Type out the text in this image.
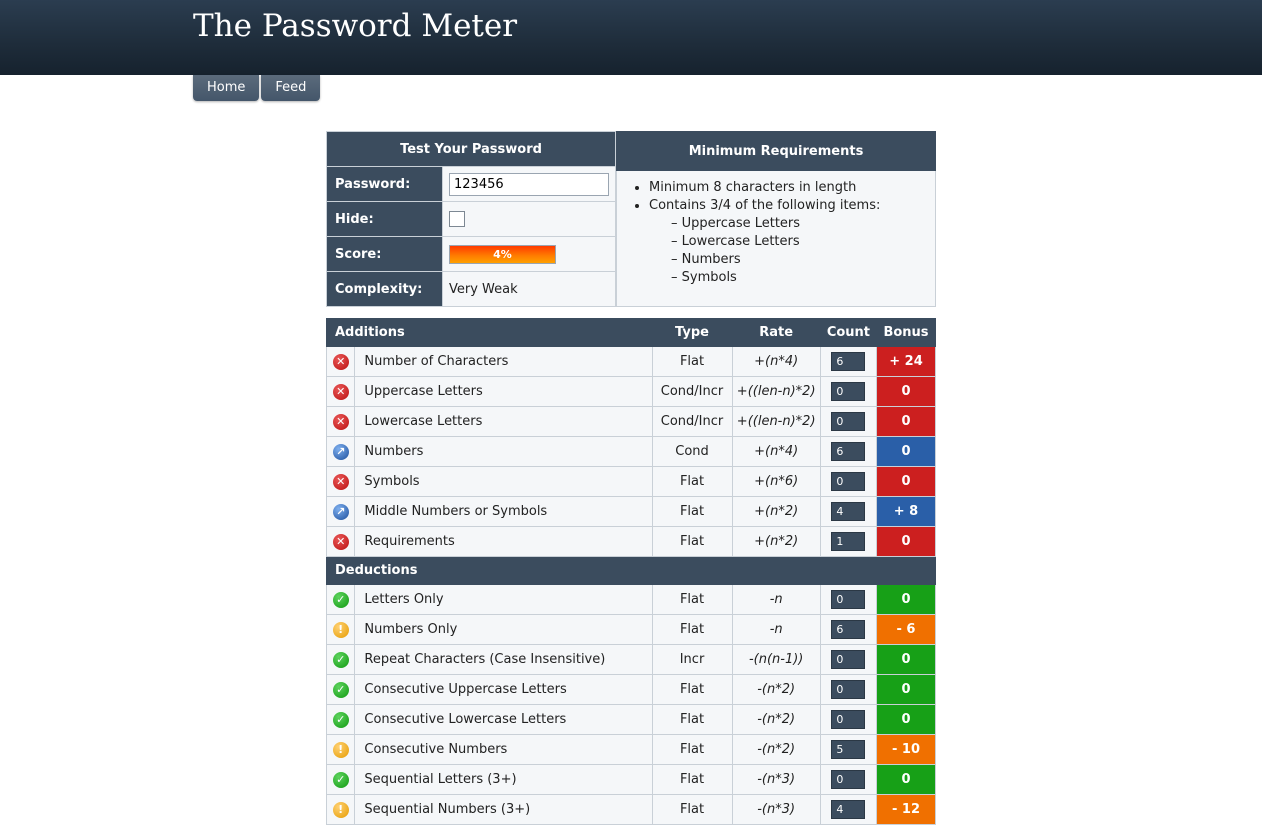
The Password Meter
Home Feed
Test Your Password	
Password:	123456
Hide:	
Score:	4%

Complexity:	Very Weak
Minimum Requirements

• Minimum 8 characters in length
• Contains 3/4 of the following items:
– Uppercase Letters
– Lowercase Letters
– Numbers
– Symbols
Additions		Type	Rate	Count	Bonus
✕	Number of Characters	Flat	+(n*4)	6	+ 24
✕	Uppercase Letters	Cond/Incr	+((len-n)*2)	0	0
✕	Lowercase Letters	Cond/Incr	+((len-n)*2)	0	0
↗	Numbers	Cond	+(n*4)	6	0
✕	Symbols	Flat	+(n*6)	0	0
↗	Middle Numbers or Symbols	Flat	+(n*2)	4	+ 8
✕	Requirements	Flat	+(n*2)	1	0
Deductions					
✓	Letters Only	Flat	-n	0	0
!	Numbers Only	Flat	-n	6	- 6
✓	Repeat Characters (Case Insensitive)	Incr	-(n(n-1))	0	0
✓	Consecutive Uppercase Letters	Flat	-(n*2)	0	0
✓	Consecutive Lowercase Letters	Flat	-(n*2)	0	0
!	Consecutive Numbers	Flat	-(n*2)	5	- 10
✓	Sequential Letters (3+)	Flat	-(n*3)	0	0
!	Sequential Numbers (3+)	Flat	-(n*3)	4	- 12
